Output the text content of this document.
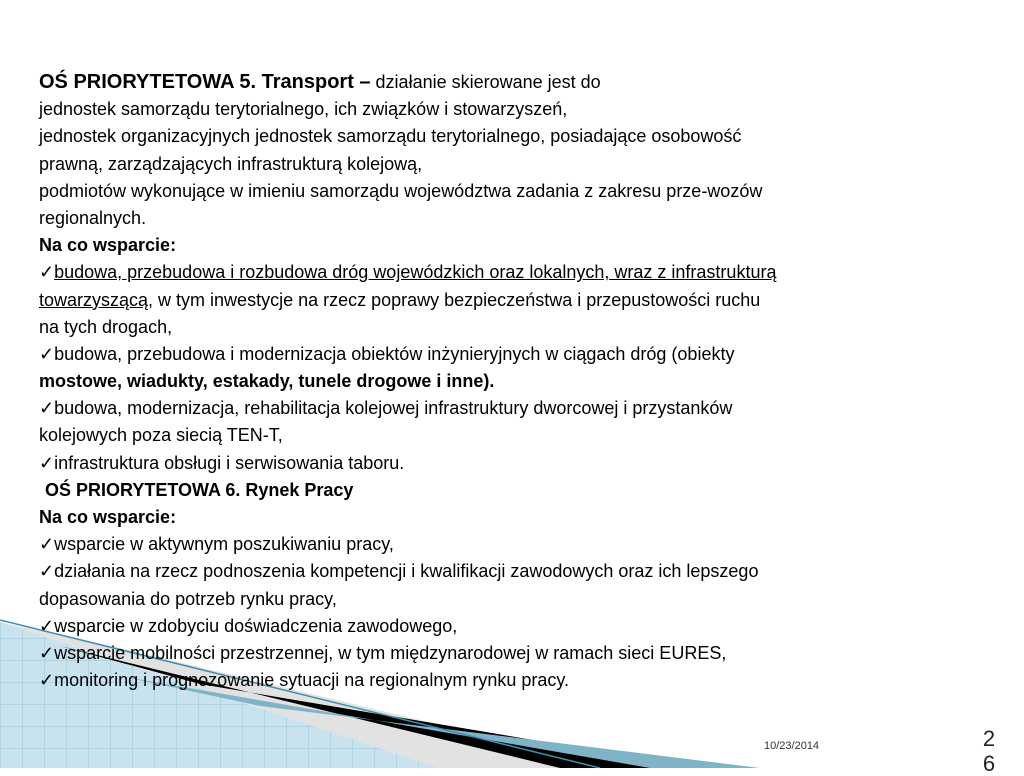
OŚ PRIORYTETOWA 5. Transport – działanie skierowane jest do
jednostek samorządu terytorialnego, ich związków i stowarzyszeń,
jednostek organizacyjnych jednostek samorządu terytorialnego, posiadające osobowość
prawną, zarządzających infrastrukturą kolejową,
podmiotów wykonujące w imieniu samorządu województwa zadania z zakresu prze-wozów
regionalnych.
Na co wsparcie:
✓budowa, przebudowa i rozbudowa dróg wojewódzkich oraz lokalnych, wraz z infrastrukturą
towarzyszącą, w tym inwestycje na rzecz poprawy bezpieczeństwa i przepustowości ruchu
na tych drogach,
✓budowa, przebudowa i modernizacja obiektów inżynieryjnych w ciągach dróg (obiekty
mostowe, wiadukty, estakady, tunele drogowe i inne).
✓budowa, modernizacja, rehabilitacja kolejowej infrastruktury dworcowej i przystanków
kolejowych poza siecią TEN-T,
✓infrastruktura obsługi i serwisowania taboru.
OŚ PRIORYTETOWA 6. Rynek Pracy
Na co wsparcie:
✓wsparcie w aktywnym poszukiwaniu pracy,
✓działania na rzecz podnoszenia kompetencji i kwalifikacji zawodowych oraz ich lepszego
dopasowania do potrzeb rynku pracy,
✓wsparcie w zdobyciu doświadczenia zawodowego,
✓wsparcie mobilności przestrzennej, w tym międzynarodowej w ramach sieci EURES,
✓monitoring i prognozowanie sytuacji na regionalnym rynku pracy.
10/23/2014	26
